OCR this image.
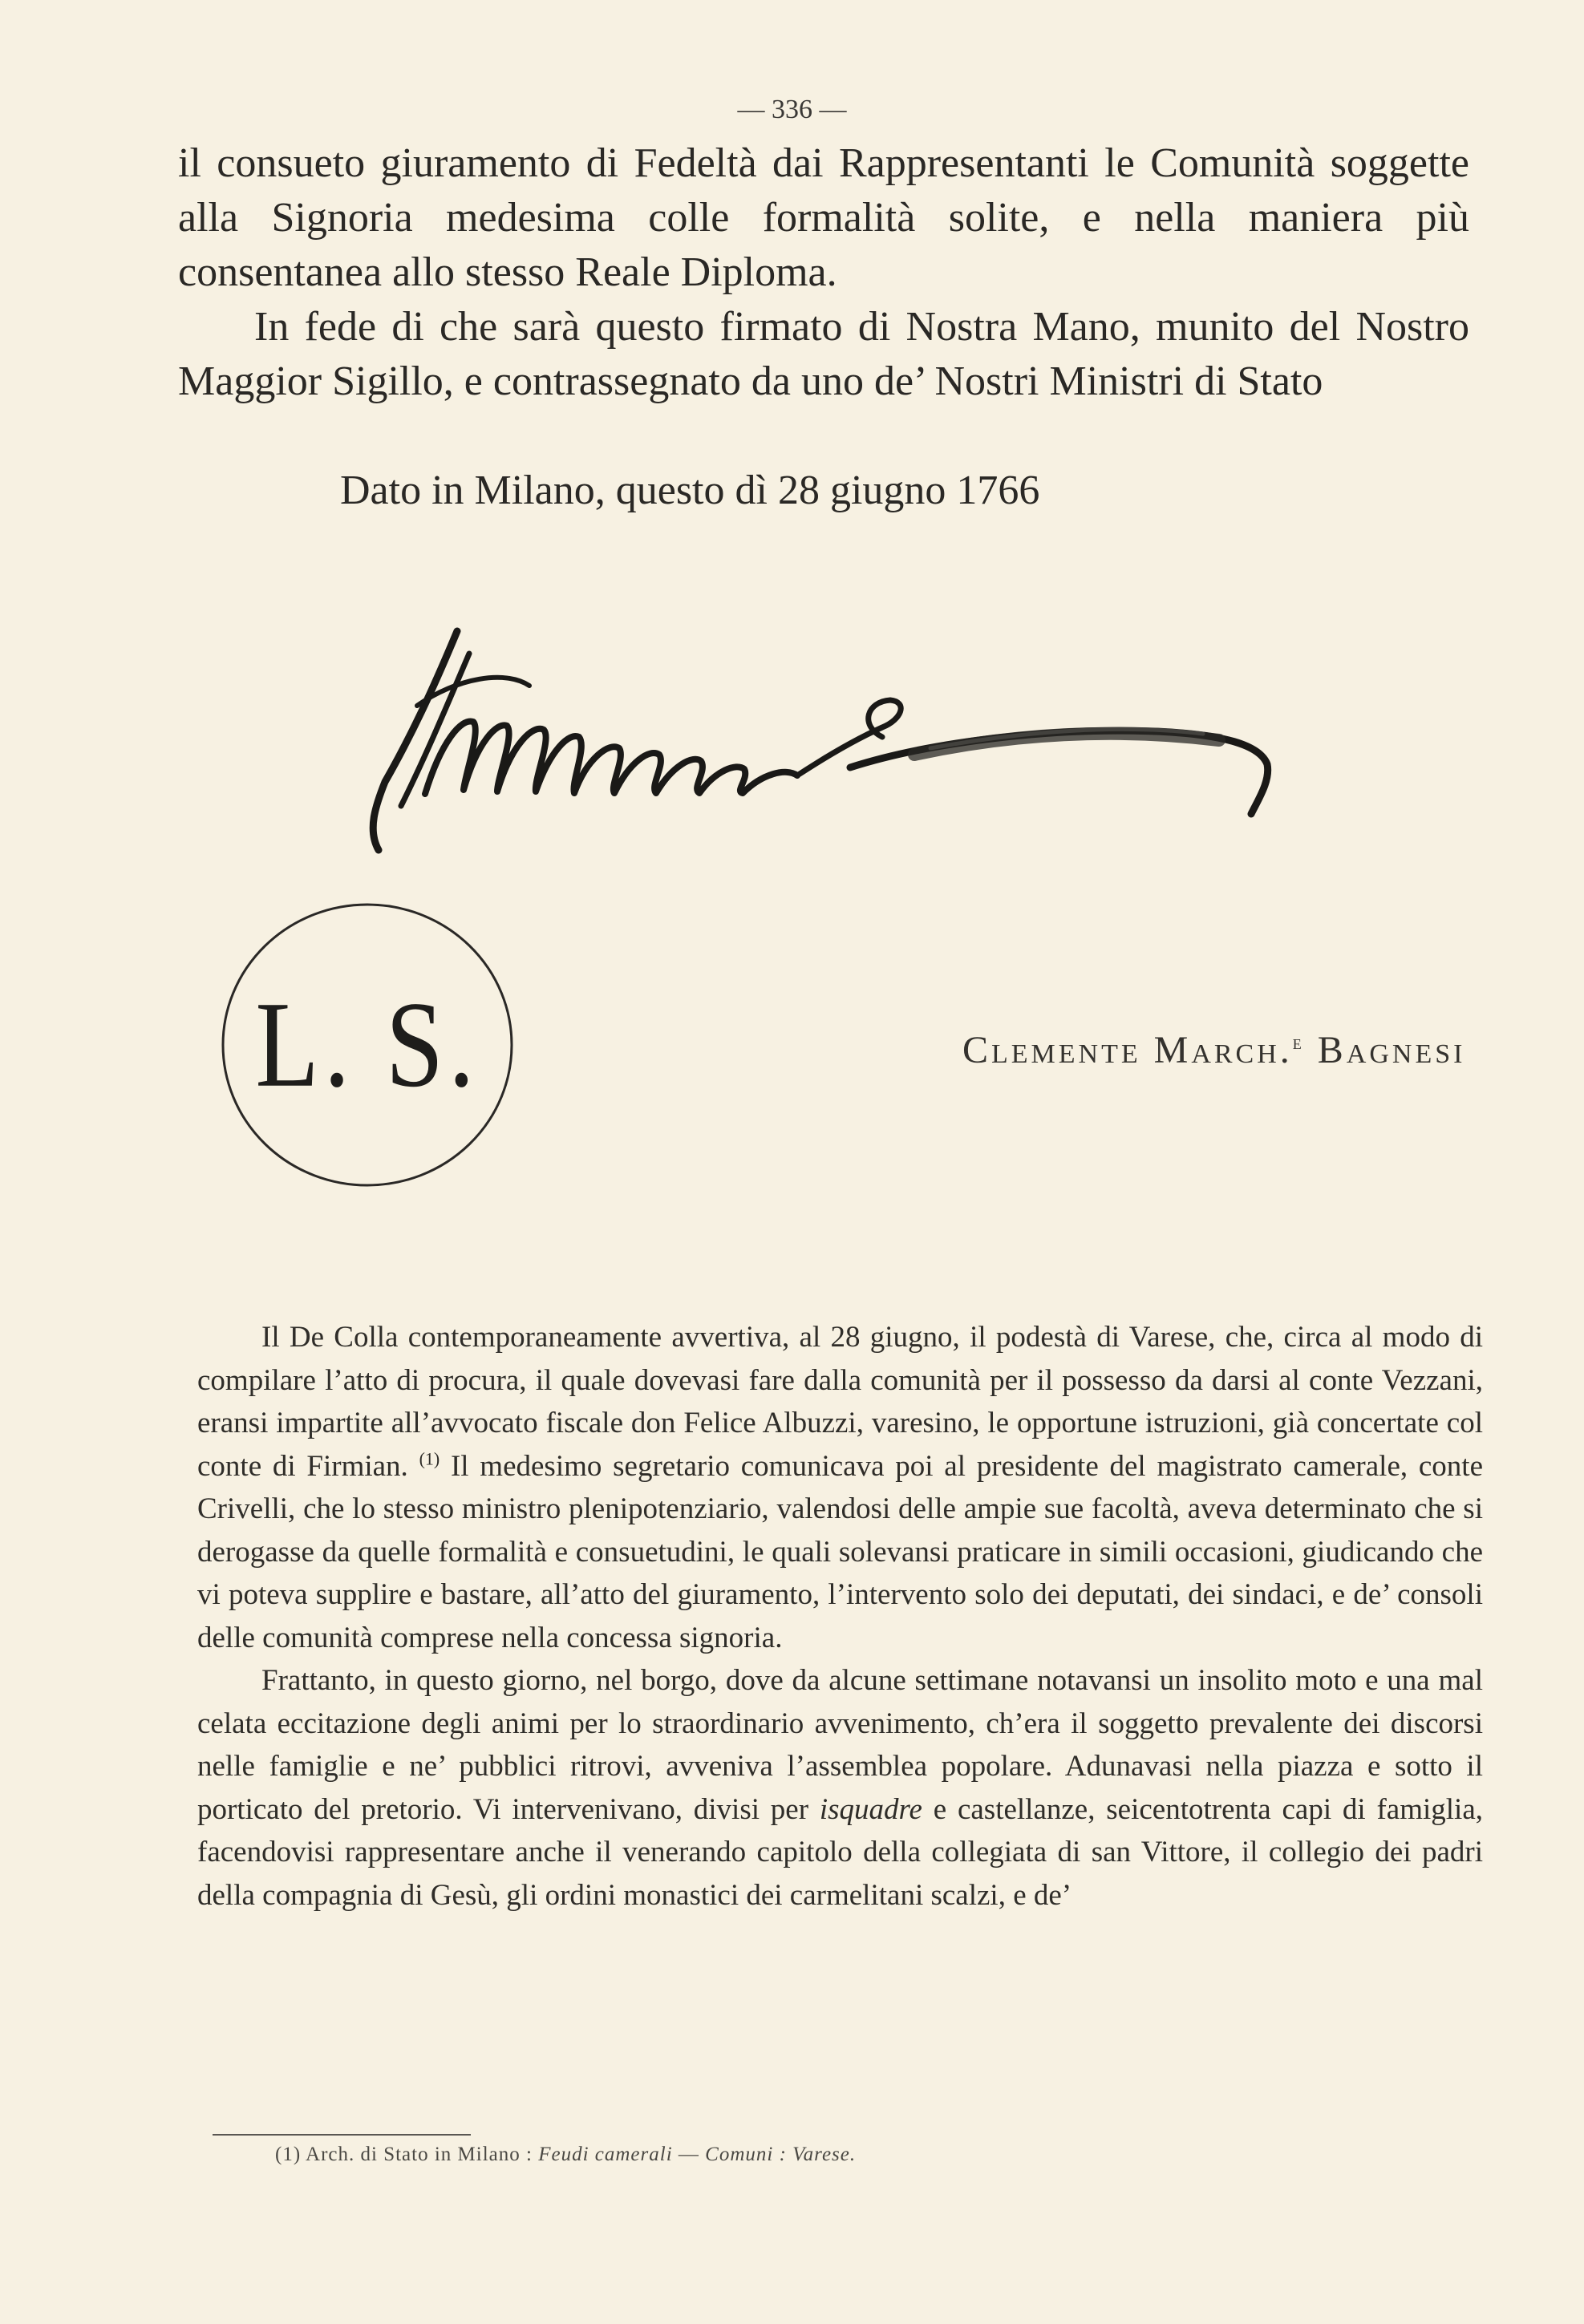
— 336 —

il consueto giuramento di Fedeltà dai Rappresentanti le Comunità soggette alla Signoria medesima colle formalità solite, e nella maniera più consentanea allo stesso Reale Diploma.

In fede di che sarà questo firmato di Nostra Mano, munito del Nostro Maggior Sigillo, e contrassegnato da uno de’ Nostri Ministri di Stato

Dato in Milano, questo dì 28 giugno 1766
L. S.	Clemente March.$^e$ Bagnesi

Il De Colla contemporaneamente avvertiva, al 28 giugno, il podestà di Varese, che, circa al modo di compilare l’atto di procura, il quale dovevasi fare dalla comunità per il possesso da darsi al conte Vezzani, eransi impartite all’avvocato fiscale don Felice Albuzzi, varesino, le opportune istruzioni, già concertate col conte di Firmian. $^{(1)}$ Il medesimo segretario comunicava poi al presidente del magistrato camerale, conte Crivelli, che lo stesso ministro plenipotenziario, valendosi delle ampie sue facoltà, aveva determinato che si derogasse da quelle formalità e consuetudini, le quali solevansi praticare in simili occasioni, giudicando che vi poteva supplire e bastare, all’atto del giuramento, l’intervento solo dei deputati, dei sindaci, e de’ consoli delle comunità comprese nella concessa signoria.

Frattanto, in questo giorno, nel borgo, dove da alcune settimane notavansi un insolito moto e una mal celata eccitazione degli animi per lo straordinario avvenimento, ch’era il soggetto prevalente dei discorsi nelle famiglie e ne’ pubblici ritrovi, avveniva l’assemblea popolare. Adunavasi nella piazza e sotto il porticato del pretorio. Vi intervenivano, divisi per isquadre e castellanze, seicentotrenta capi di famiglia, facendovisi rappresentare anche il venerando capitolo della collegiata di san Vittore, il collegio dei padri della compagnia di Gesù, gli ordini monastici dei carmelitani scalzi, e de’

(1) Arch. di Stato in Milano : Feudi camerali — Comuni : Varese.
